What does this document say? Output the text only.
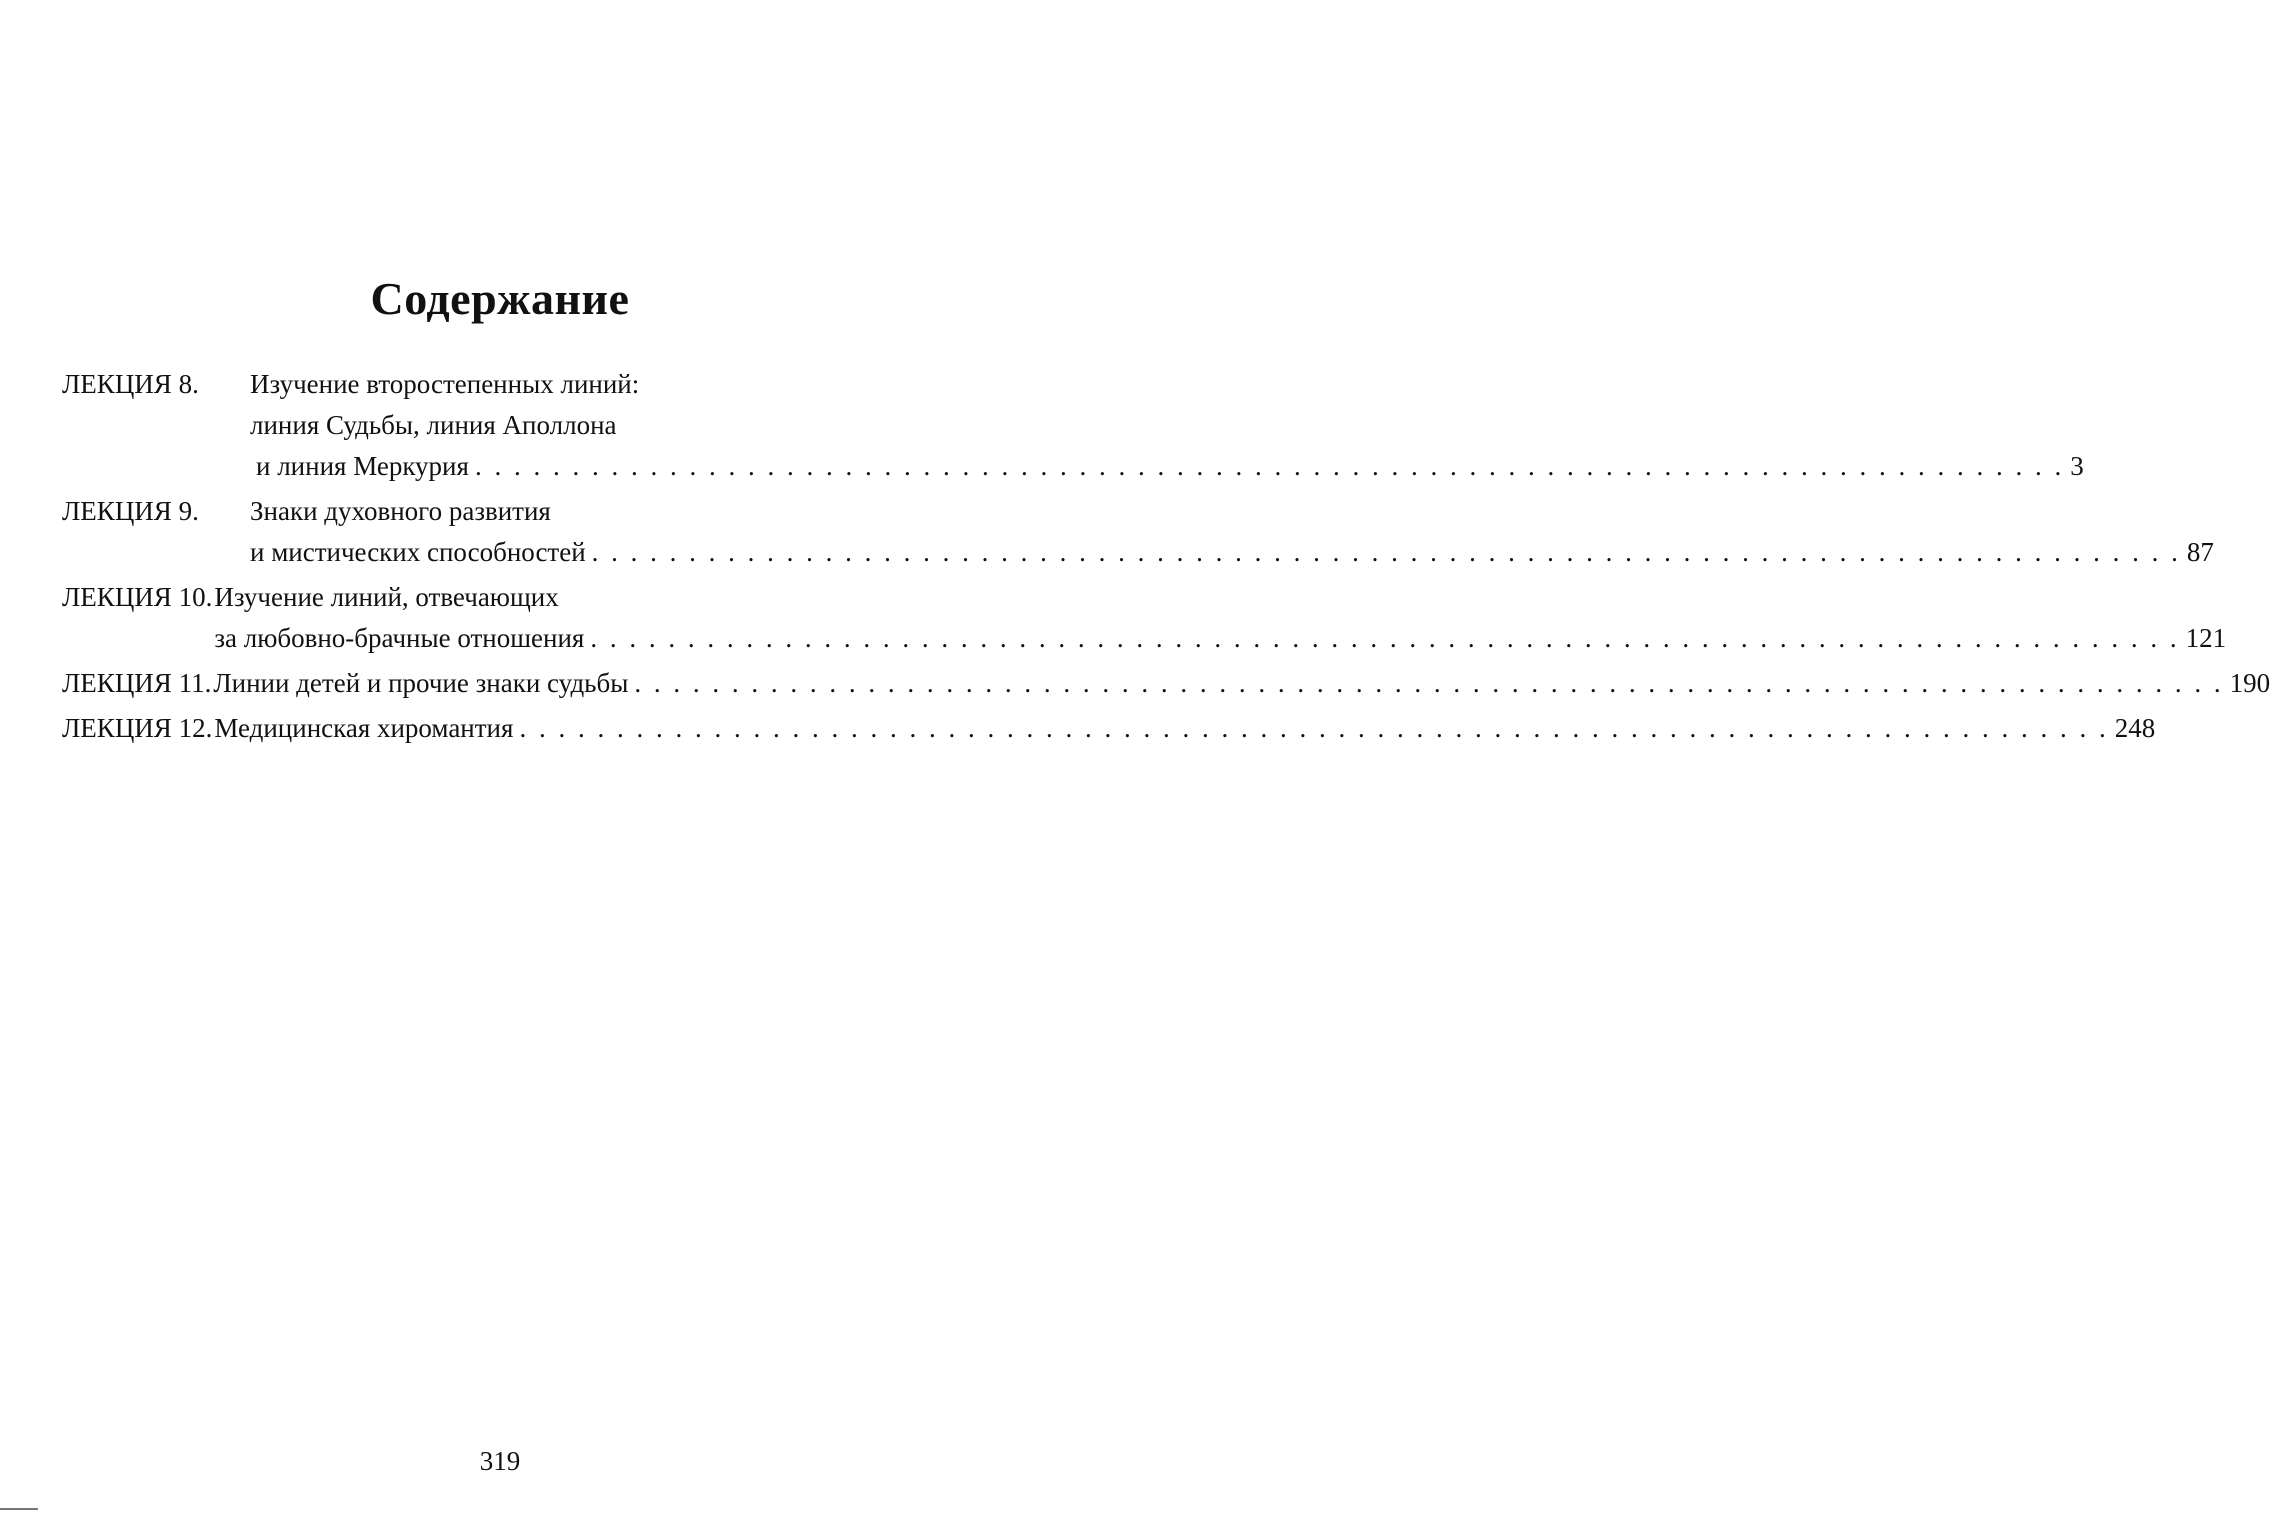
Содержание
ЛЕКЦИЯ 8.	Изучение второстепенных линий:
линия Судьбы, линия Аполлона
и линия Меркурия . . .	3
ЛЕКЦИЯ 9.	Знаки духовного развития
и мистических способностей . . .	87
ЛЕКЦИЯ 10. Изучение линий, отвечающих
за любовно-брачные отношения . . .	121
ЛЕКЦИЯ 11. Линии детей и прочие знаки судьбы . . .	190
ЛЕКЦИЯ 12. Медицинская хиромантия . . .	248
319
